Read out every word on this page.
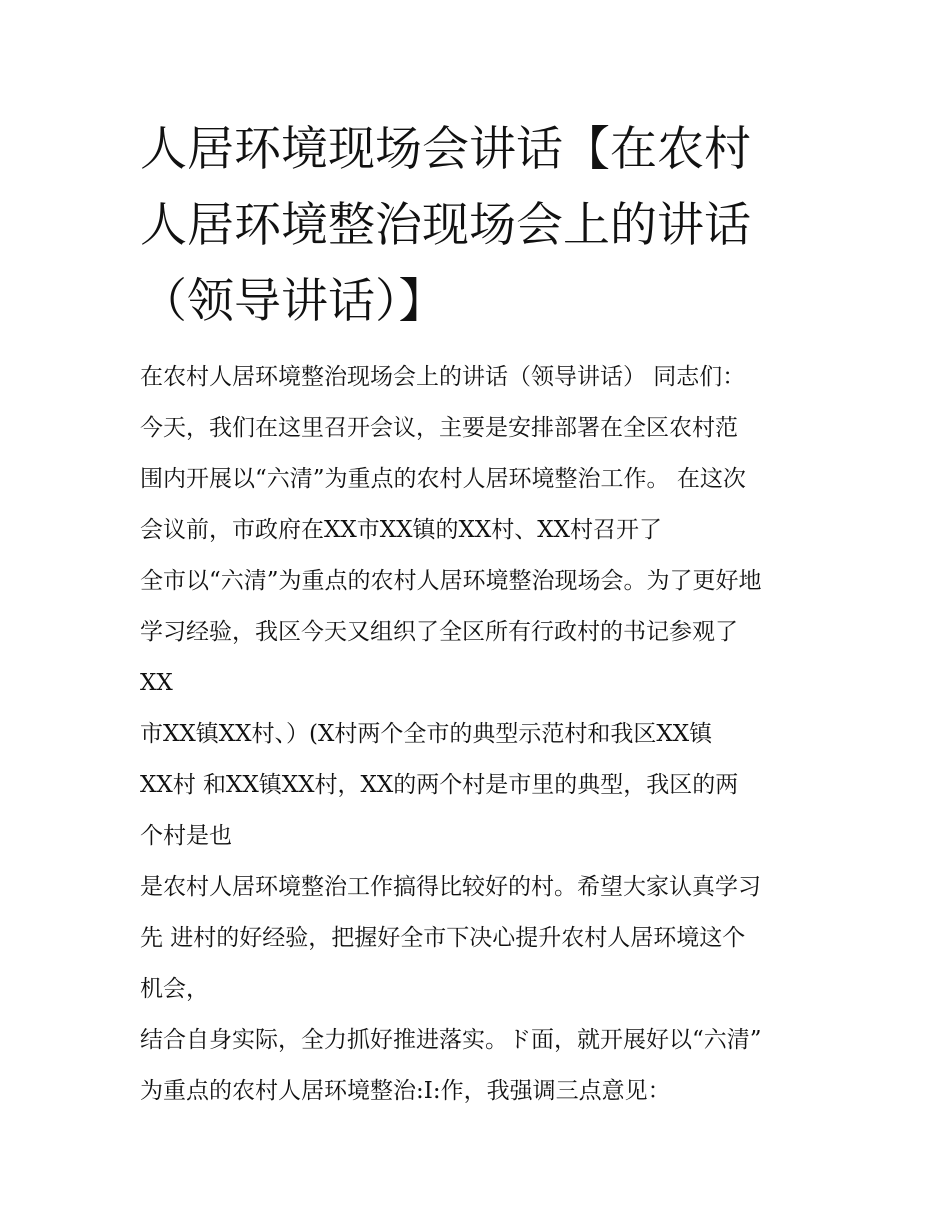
人居环境现场会讲话【在农村
人居环境整治现场会上的讲话
（领导讲话）】
在农村人居环境整治现场会上的讲话（领导讲话） 同志们：
今天，我们在这里召开会议，主要是安排部署在全区农村范
围内开展以“六清”为重点的农村人居环境整治工作。 在这次
会议前，市政府在XX市XX镇的XX村、XX村召开了
全市以“六清”为重点的农村人居环境整治现场会。为了更好地
学习经验，我区今天又组织了全区所有行政村的书记参观了
XX
市XX镇XX村、）(X村两个全市的典型示范村和我区XX镇
XX村 和XX镇XX村，XX的两个村是市里的典型，我区的两
个村是也
是农村人居环境整治工作搞得比较好的村。希望大家认真学习
先 进村的好经验，把握好全市下决心提升农村人居环境这个
机会，
结合自身实际，全力抓好推进落实。ド面，就开展好以“六清”
为重点的农村人居环境整治:I:作，我强调三点意见：
